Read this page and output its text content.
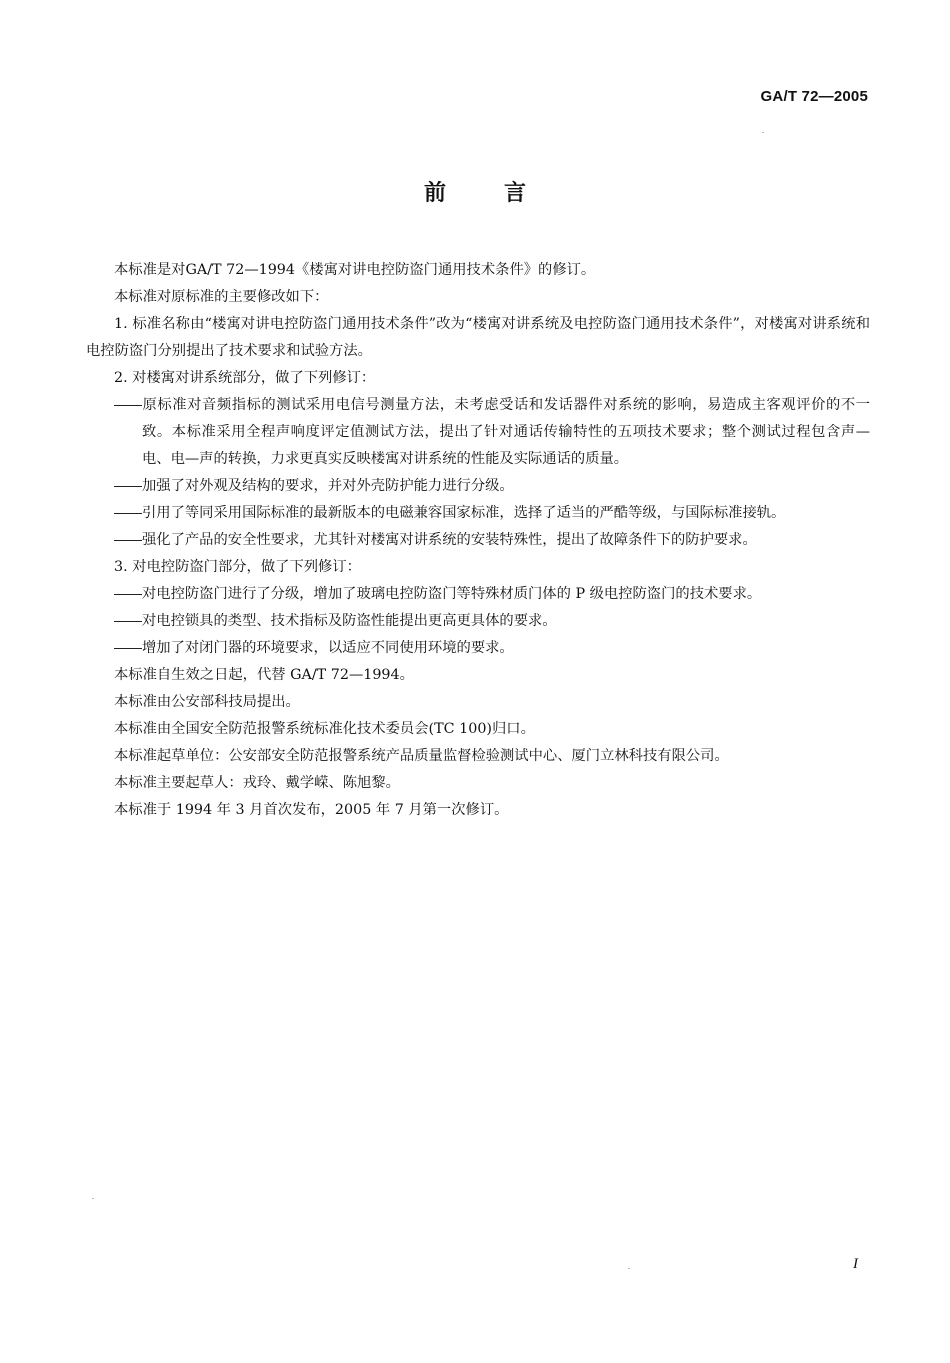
GA/T 72—2005
前	言

本标准是对GA/T 72—1994《楼寓对讲电控防盗门通用技术条件》的修订。

本标准对原标准的主要修改如下：

1. 标准名称由“楼寓对讲电控防盗门通用技术条件”改为“楼寓对讲系统及电控防盗门通用技术条件”，对楼寓对讲系统和电控防盗门分别提出了技术要求和试验方法。

2. 对楼寓对讲系统部分，做了下列修订：

原标准对音频指标的测试采用电信号测量方法，未考虑受话和发话器件对系统的影响，易造成主客观评价的不一致。本标准采用全程声响度评定值测试方法，提出了针对通话传输特性的五项技术要求；整个测试过程包含声—电、电—声的转换，力求更真实反映楼寓对讲系统的性能及实际通话的质量。
加强了对外观及结构的要求，并对外壳防护能力进行分级。
引用了等同采用国际标准的最新版本的电磁兼容国家标准，选择了适当的严酷等级，与国际标准接轨。
强化了产品的安全性要求，尤其针对楼寓对讲系统的安装特殊性，提出了故障条件下的防护要求。

3. 对电控防盗门部分，做了下列修订：

对电控防盗门进行了分级，增加了玻璃电控防盗门等特殊材质门体的 P 级电控防盗门的技术要求。
对电控锁具的类型、技术指标及防盗性能提出更高更具体的要求。
增加了对闭门器的环境要求，以适应不同使用环境的要求。

本标准自生效之日起，代替 GA/T 72—1994。

本标准由公安部科技局提出。

本标准由全国安全防范报警系统标准化技术委员会(TC 100)归口。

本标准起草单位：公安部安全防范报警系统产品质量监督检验测试中心、厦门立林科技有限公司。

本标准主要起草人：戎玲、戴学嵘、陈旭黎。

本标准于 1994 年 3 月首次发布，2005 年 7 月第一次修订。

I
